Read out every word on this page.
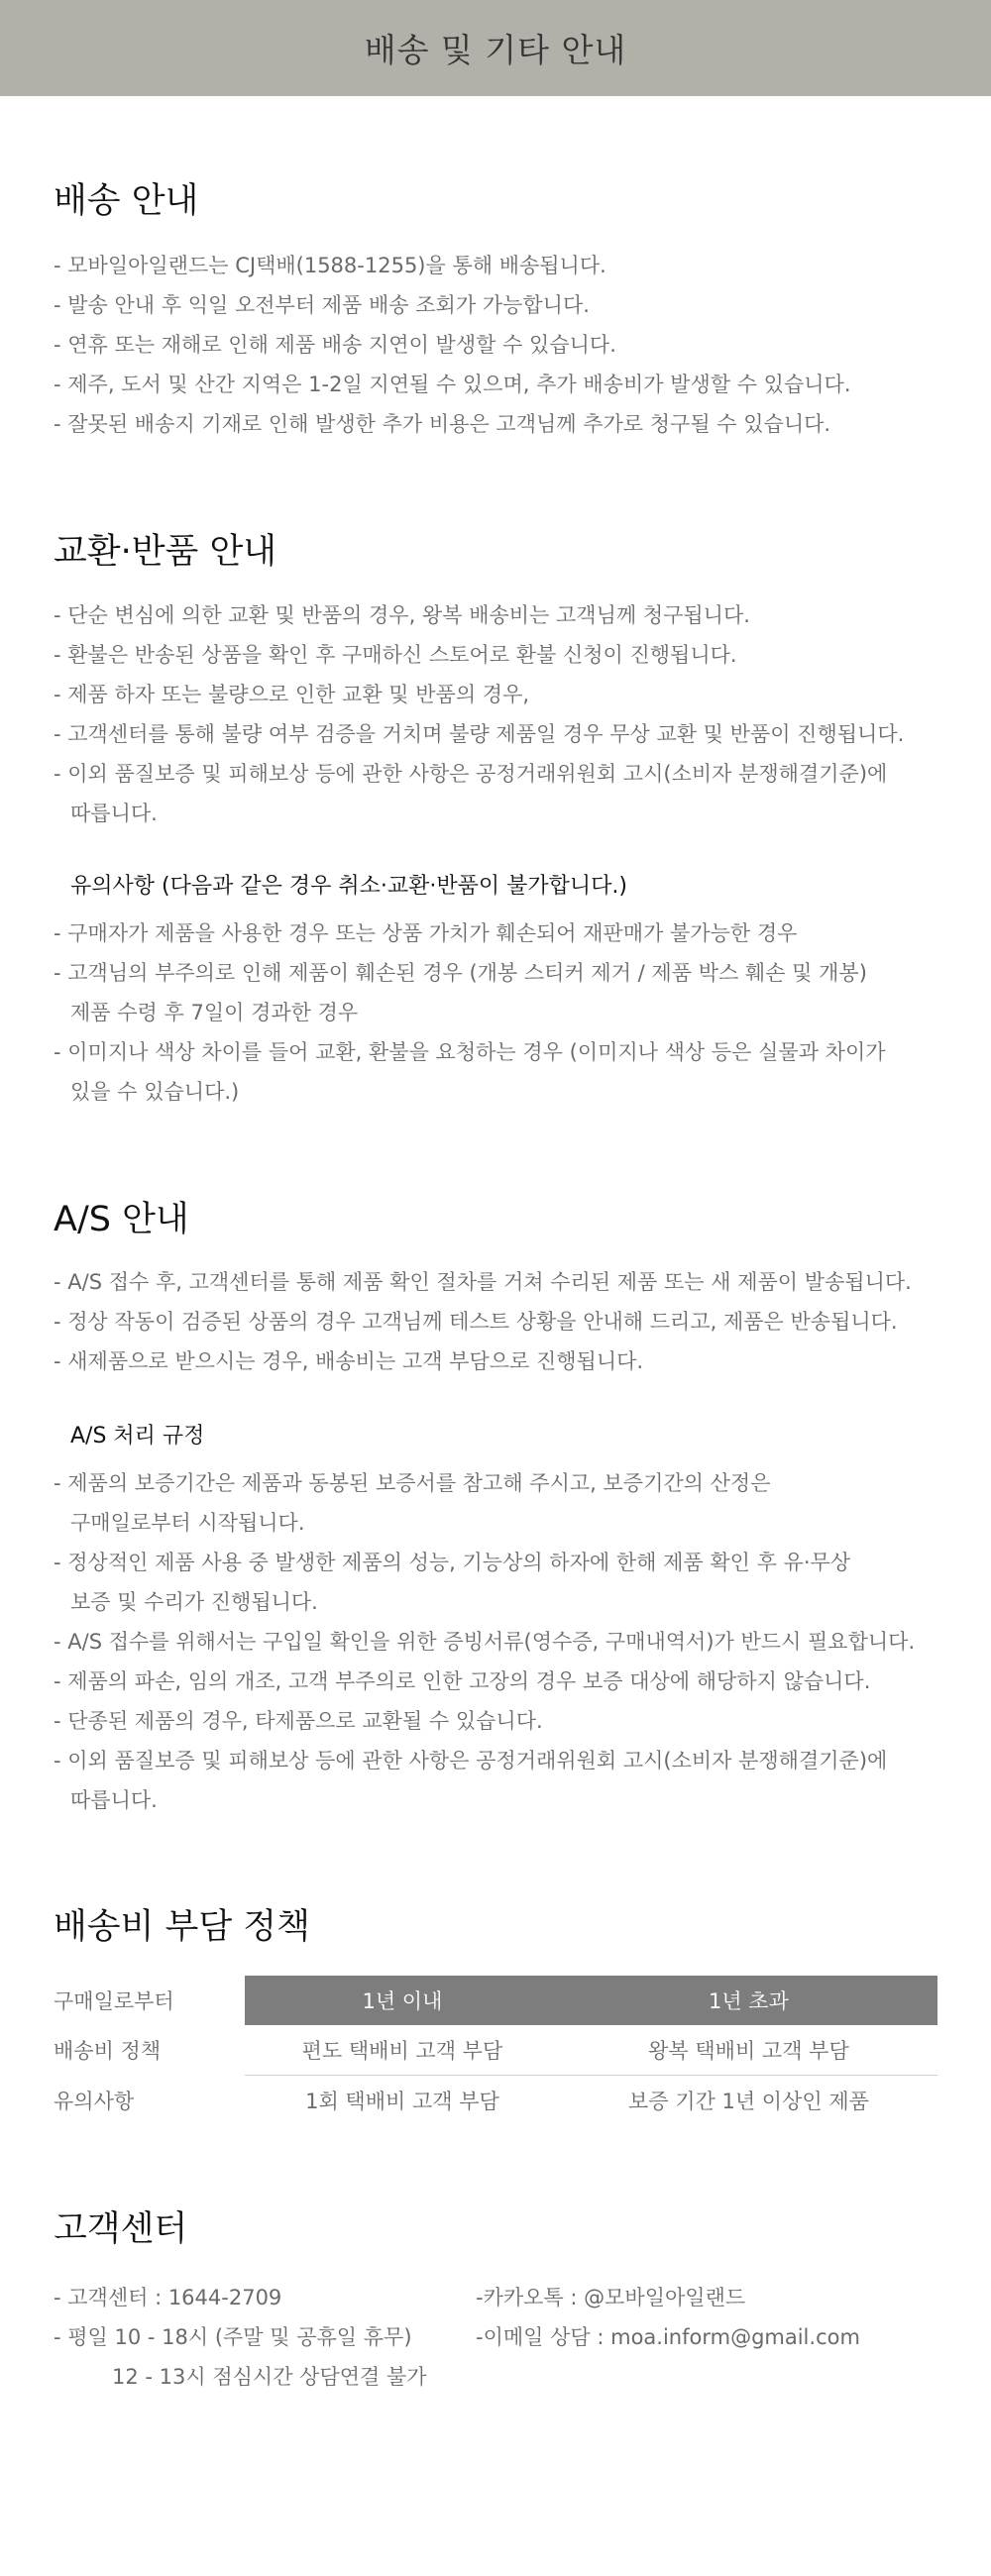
배송 및 기타 안내
배송 안내
- 모바일아일랜드는 CJ택배(1588-1255)을 통해 배송됩니다.
- 발송 안내 후 익일 오전부터 제품 배송 조회가 가능합니다.
- 연휴 또는 재해로 인해 제품 배송 지연이 발생할 수 있습니다.
- 제주, 도서 및 산간 지역은 1-2일 지연될 수 있으며, 추가 배송비가 발생할 수 있습니다.
- 잘못된 배송지 기재로 인해 발생한 추가 비용은 고객님께 추가로 청구될 수 있습니다.
교환·반품 안내
- 단순 변심에 의한 교환 및 반품의 경우, 왕복 배송비는 고객님께 청구됩니다.
- 환불은 반송된 상품을 확인 후 구매하신 스토어로 환불 신청이 진행됩니다.
- 제품 하자 또는 불량으로 인한 교환 및 반품의 경우,
- 고객센터를 통해 불량 여부 검증을 거치며 불량 제품일 경우 무상 교환 및 반품이 진행됩니다.
- 이외 품질보증 및 피해보상 등에 관한 사항은 공정거래위원회 고시(소비자 분쟁해결기준)에
따릅니다.
유의사항 (다음과 같은 경우 취소·교환·반품이 불가합니다.)
- 구매자가 제품을 사용한 경우 또는 상품 가치가 훼손되어 재판매가 불가능한 경우
- 고객님의 부주의로 인해 제품이 훼손된 경우 (개봉 스티커 제거 / 제품 박스 훼손 및 개봉)
제품 수령 후 7일이 경과한 경우
- 이미지나 색상 차이를 들어 교환, 환불을 요청하는 경우 (이미지나 색상 등은 실물과 차이가
있을 수 있습니다.)
A/S 안내
- A/S 접수 후, 고객센터를 통해 제품 확인 절차를 거쳐 수리된 제품 또는 새 제품이 발송됩니다.
- 정상 작동이 검증된 상품의 경우 고객님께 테스트 상황을 안내해 드리고, 제품은 반송됩니다.
- 새제품으로 받으시는 경우, 배송비는 고객 부담으로 진행됩니다.
A/S 처리 규정
- 제품의 보증기간은 제품과 동봉된 보증서를 참고해 주시고, 보증기간의 산정은
구매일로부터 시작됩니다.
- 정상적인 제품 사용 중 발생한 제품의 성능, 기능상의 하자에 한해 제품 확인 후 유·무상
보증 및 수리가 진행됩니다.
- A/S 접수를 위해서는 구입일 확인을 위한 증빙서류(영수증, 구매내역서)가 반드시 필요합니다.
- 제품의 파손, 임의 개조, 고객 부주의로 인한 고장의 경우 보증 대상에 해당하지 않습니다.
- 단종된 제품의 경우, 타제품으로 교환될 수 있습니다.
- 이외 품질보증 및 피해보상 등에 관한 사항은 공정거래위원회 고시(소비자 분쟁해결기준)에
따릅니다.
배송비 부담 정책
구매일로부터	1년 이내	1년 초과
배송비 정책	편도 택배비 고객 부담	왕복 택배비 고객 부담
유의사항	1회 택배비 고객 부담	보증 기간 1년 이상인 제품
고객센터
- 고객센터 : 1644-2709
- 평일 10 - 18시 (주말 및 공휴일 휴무)
12 - 13시 점심시간 상담연결 불가
-카카오톡 : @모바일아일랜드
-이메일 상담 : moa.inform@gmail.com
